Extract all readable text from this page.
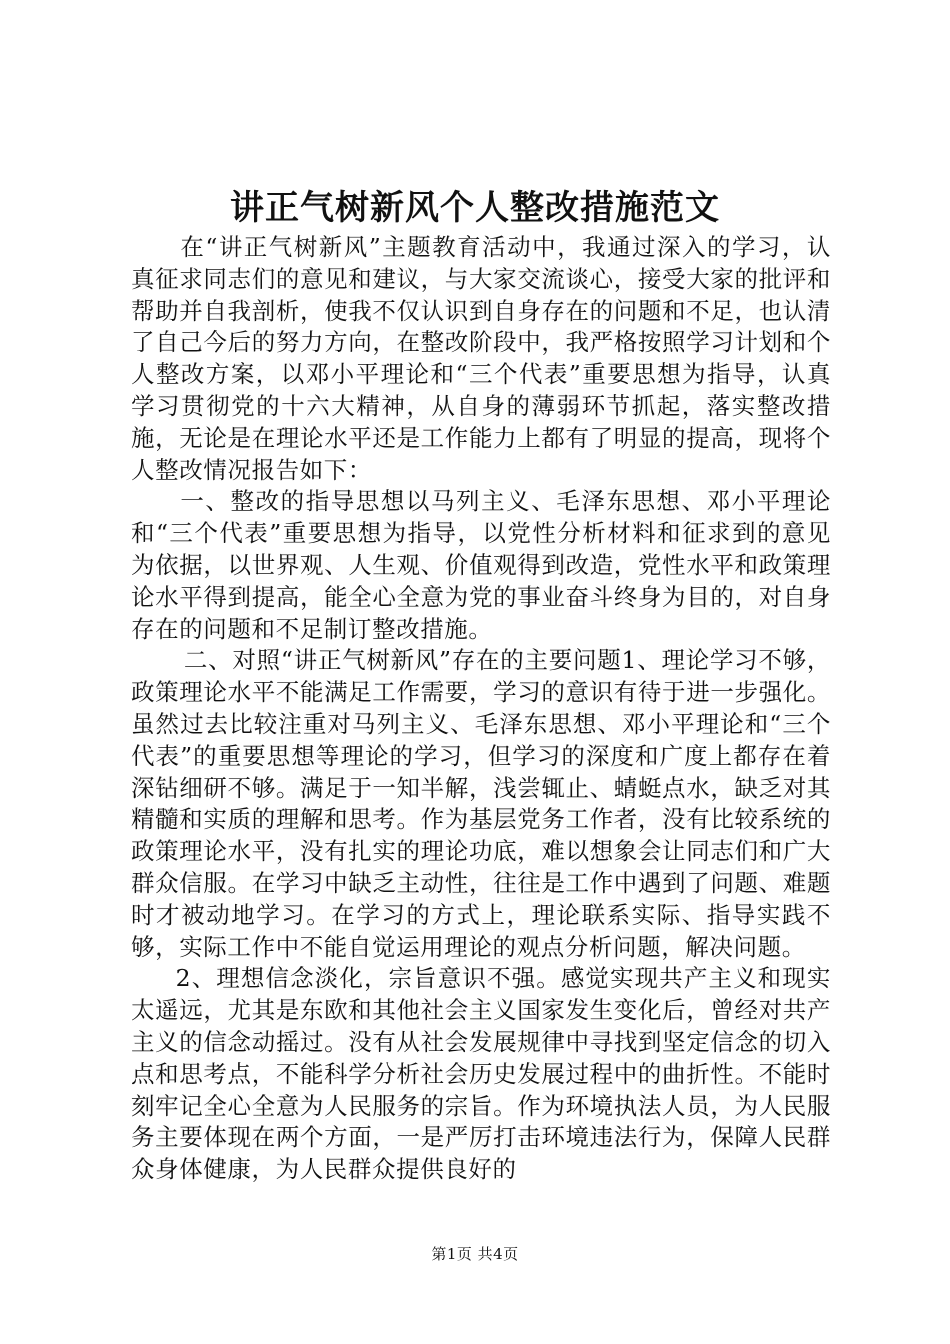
讲正气树新风个人整改措施范文

在“讲正气树新风”主题教育活动中，我通过深入的学习，认真征求同志们的意见和建议，与大家交流谈心，接受大家的批评和帮助并自我剖析，使我不仅认识到自身存在的问题和不足，也认清了自己今后的努力方向，在整改阶段中，我严格按照学习计划和个人整改方案，以邓小平理论和“三个代表”重要思想为指导，认真学习贯彻党的十六大精神，从自身的薄弱环节抓起，落实整改措施，无论是在理论水平还是工作能力上都有了明显的提高，现将个人整改情况报告如下：

一、整改的指导思想以马列主义、毛泽东思想、邓小平理论和“三个代表”重要思想为指导，以党性分析材料和征求到的意见为依据，以世界观、人生观、价值观得到改造，党性水平和政策理论水平得到提高，能全心全意为党的事业奋斗终身为目的，对自身存在的问题和不足制订整改措施。

二、对照“讲正气树新风”存在的主要问题1、理论学习不够，政策理论水平不能满足工作需要，学习的意识有待于进一步强化。虽然过去比较注重对马列主义、毛泽东思想、邓小平理论和“三个代表”的重要思想等理论的学习，但学习的深度和广度上都存在着深钻细研不够。满足于一知半解，浅尝辄止、蜻蜓点水，缺乏对其精髓和实质的理解和思考。作为基层党务工作者，没有比较系统的政策理论水平，没有扎实的理论功底，难以想象会让同志们和广大群众信服。在学习中缺乏主动性，往往是工作中遇到了问题、难题时才被动地学习。在学习的方式上，理论联系实际、指导实践不够，实际工作中不能自觉运用理论的观点分析问题，解决问题。

2、理想信念淡化，宗旨意识不强。感觉实现共产主义和现实太遥远，尤其是东欧和其他社会主义国家发生变化后，曾经对共产主义的信念动摇过。没有从社会发展规律中寻找到坚定信念的切入点和思考点，不能科学分析社会历史发展过程中的曲折性。不能时刻牢记全心全意为人民服务的宗旨。作为环境执法人员，为人民服务主要体现在两个方面，一是严厉打击环境违法行为，保障人民群众身体健康，为人民群众提供良好的

第1页 共4页
